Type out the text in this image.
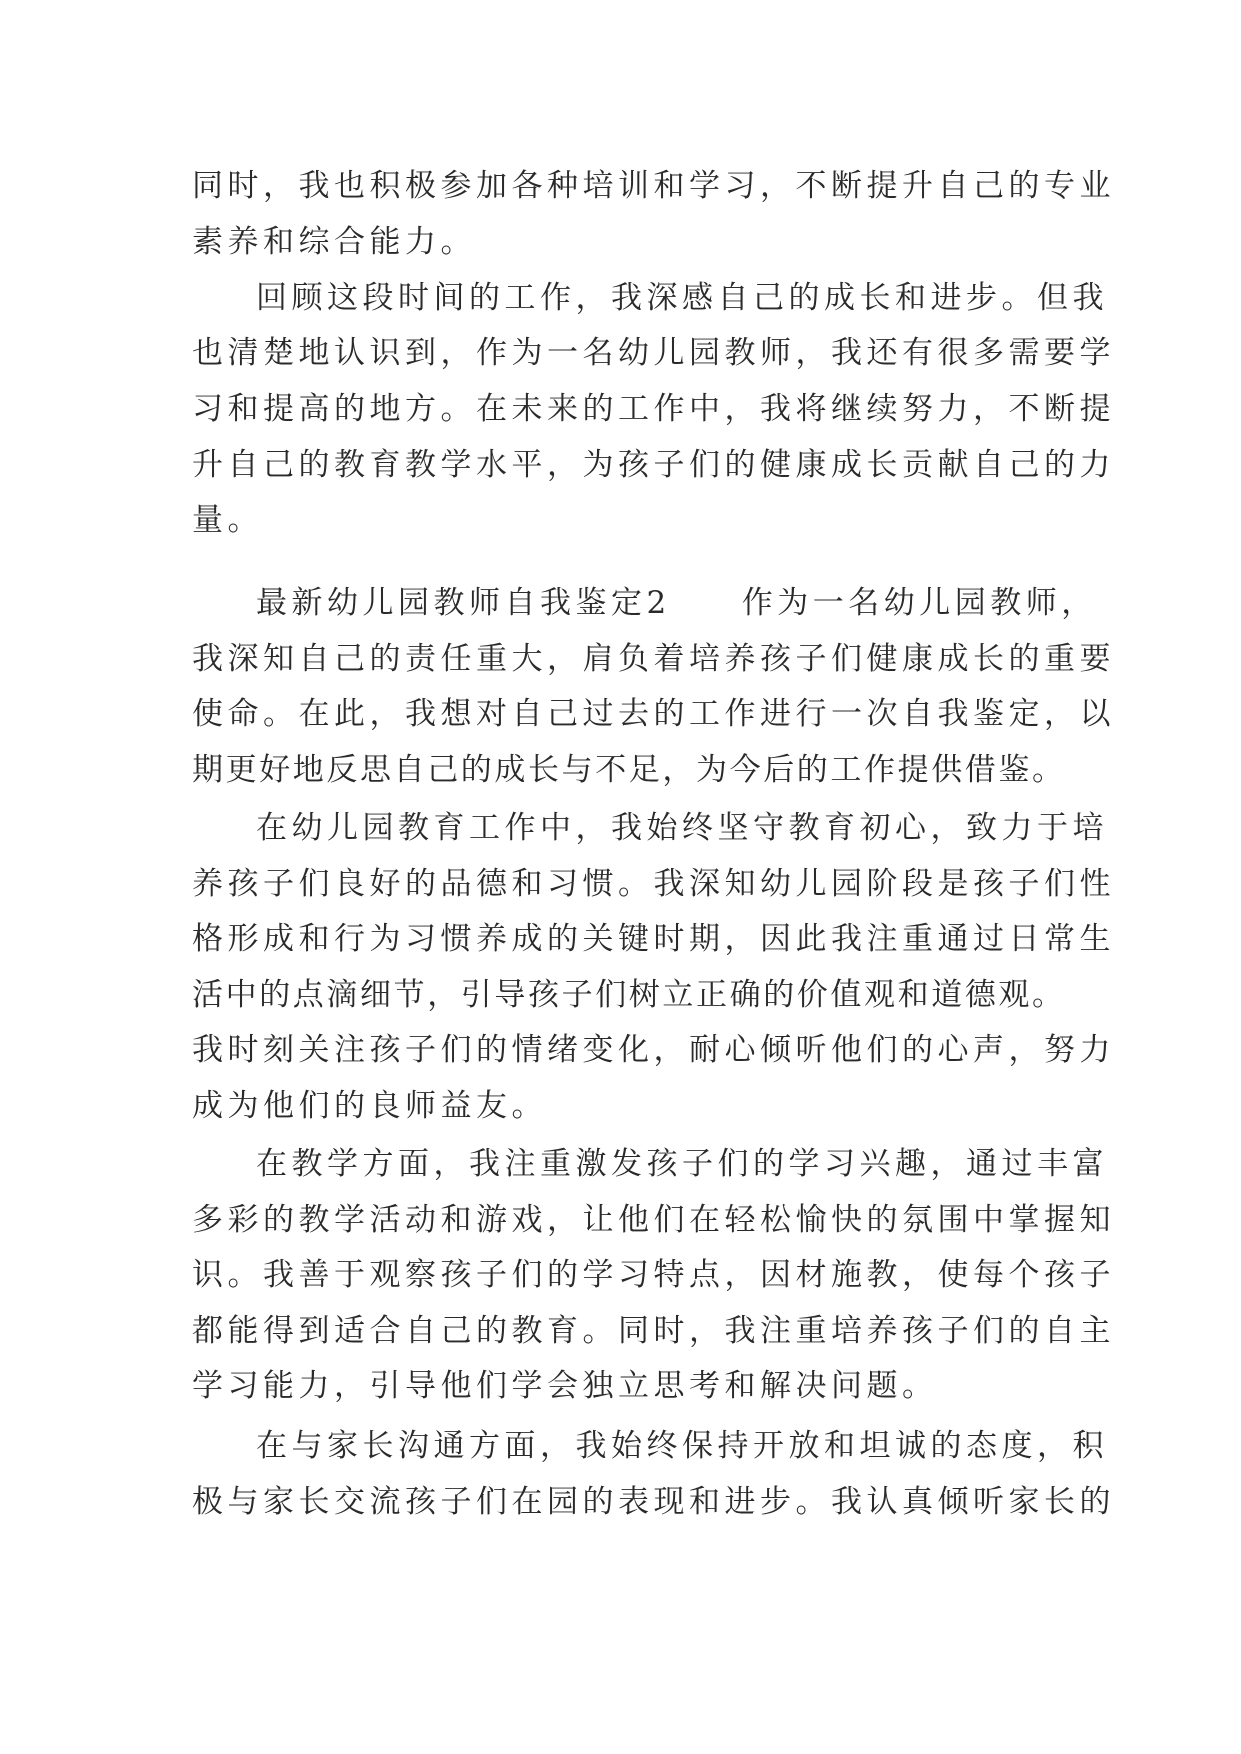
同时，我也积极参加各种培训和学习，不断提升自己的专业
素养和综合能力。
回顾这段时间的工作，我深感自己的成长和进步。但我
也清楚地认识到，作为一名幼儿园教师，我还有很多需要学
习和提高的地方。在未来的工作中，我将继续努力，不断提
升自己的教育教学水平，为孩子们的健康成长贡献自己的力
量。
最新幼儿园教师自我鉴定2　　作为一名幼儿园教师，
我深知自己的责任重大，肩负着培养孩子们健康成长的重要
使命。在此，我想对自己过去的工作进行一次自我鉴定，以
期更好地反思自己的成长与不足，为今后的工作提供借鉴。
在幼儿园教育工作中，我始终坚守教育初心，致力于培
养孩子们良好的品德和习惯。我深知幼儿园阶段是孩子们性
格形成和行为习惯养成的关键时期，因此我注重通过日常生
活中的点滴细节，引导孩子们树立正确的价值观和道德观。
我时刻关注孩子们的情绪变化，耐心倾听他们的心声，努力
成为他们的良师益友。
在教学方面，我注重激发孩子们的学习兴趣，通过丰富
多彩的教学活动和游戏，让他们在轻松愉快的氛围中掌握知
识。我善于观察孩子们的学习特点，因材施教，使每个孩子
都能得到适合自己的教育。同时，我注重培养孩子们的自主
学习能力，引导他们学会独立思考和解决问题。
在与家长沟通方面，我始终保持开放和坦诚的态度，积
极与家长交流孩子们在园的表现和进步。我认真倾听家长的
